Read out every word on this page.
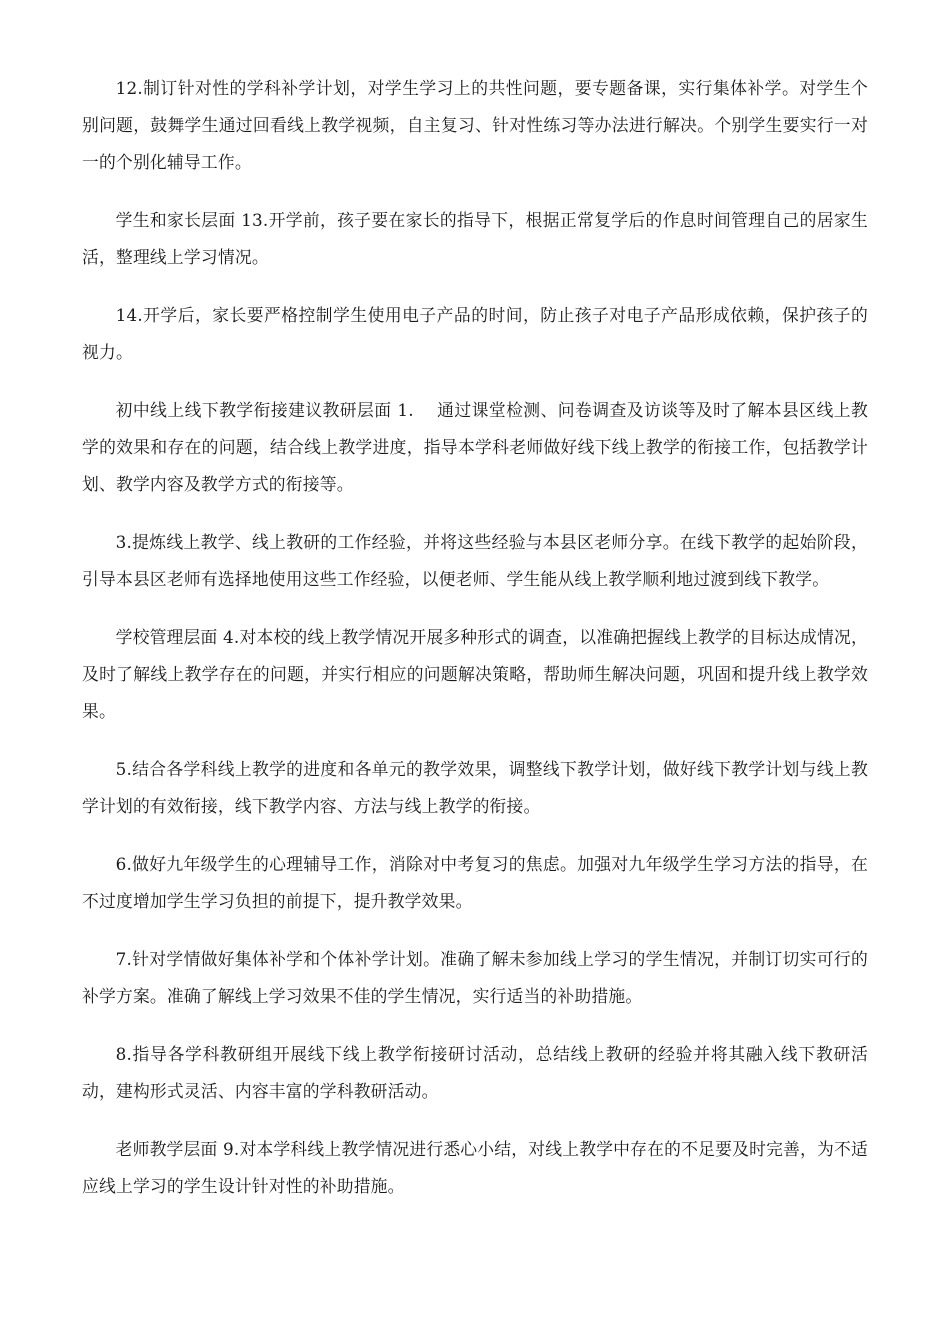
12.制订针对性的学科补学计划，对学生学习上的共性问题，要专题备课，实行集体补学。对学生个别问题，鼓舞学生通过回看线上教学视频，自主复习、针对性练习等办法进行解决。个别学生要实行一对一的个别化辅导工作。

学生和家长层面 13.开学前，孩子要在家长的指导下，根据正常复学后的作息时间管理自己的居家生活，整理线上学习情况。

14.开学后，家长要严格控制学生使用电子产品的时间，防止孩子对电子产品形成依赖，保护孩子的视力。

初中线上线下教学衔接建议教研层面 1.　 通过课堂检测、问卷调查及访谈等及时了解本县区线上教学的效果和存在的问题，结合线上教学进度，指导本学科老师做好线下线上教学的衔接工作，包括教学计划、教学内容及教学方式的衔接等。

3.提炼线上教学、线上教研的工作经验，并将这些经验与本县区老师分享。在线下教学的起始阶段，引导本县区老师有选择地使用这些工作经验，以便老师、学生能从线上教学顺利地过渡到线下教学。

学校管理层面 4.对本校的线上教学情况开展多种形式的调查，以准确把握线上教学的目标达成情况，及时了解线上教学存在的问题，并实行相应的问题解决策略，帮助师生解决问题，巩固和提升线上教学效果。

5.结合各学科线上教学的进度和各单元的教学效果，调整线下教学计划，做好线下教学计划与线上教学计划的有效衔接，线下教学内容、方法与线上教学的衔接。

6.做好九年级学生的心理辅导工作，消除对中考复习的焦虑。加强对九年级学生学习方法的指导，在不过度增加学生学习负担的前提下，提升教学效果。

7.针对学情做好集体补学和个体补学计划。准确了解未参加线上学习的学生情况，并制订切实可行的补学方案。准确了解线上学习效果不佳的学生情况，实行适当的补助措施。

8.指导各学科教研组开展线下线上教学衔接研讨活动，总结线上教研的经验并将其融入线下教研活动，建构形式灵活、内容丰富的学科教研活动。

老师教学层面 9.对本学科线上教学情况进行悉心小结，对线上教学中存在的不足要及时完善，为不适应线上学习的学生设计针对性的补助措施。
